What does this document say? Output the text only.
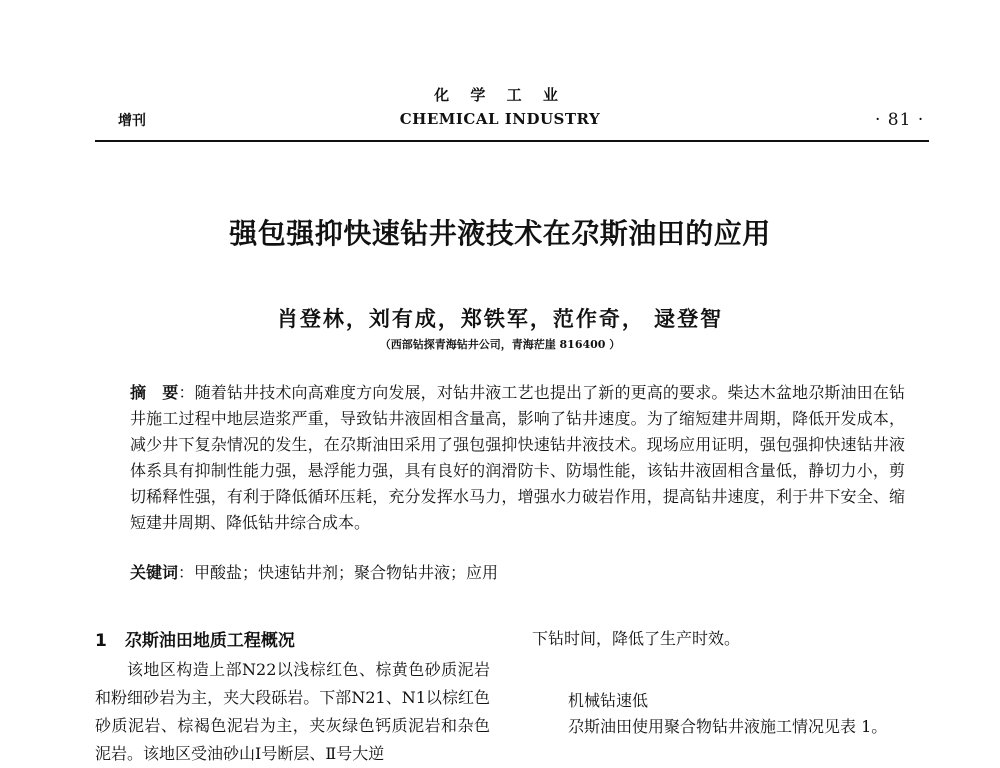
化 学 工 业
CHEMICAL INDUSTRY
增刊	· 81 ·
强包强抑快速钻井液技术在尕斯油田的应用
肖登林，刘有成，郑铁军，范作奇， 逯登智
（西部钻探青海钻井公司，青海茫崖 816400 ）
摘　要：随着钻井技术向高难度方向发展，对钻井液工艺也提出了新的更高的要求。柴达木盆地尕斯油田在钻井施工过程中地层造浆严重，导致钻井液固相含量高，影响了钻井速度。为了缩短建井周期，降低开发成本，减少井下复杂情况的发生，在尕斯油田采用了强包强抑快速钻井液技术。现场应用证明，强包强抑快速钻井液体系具有抑制性能力强，悬浮能力强，具有良好的润滑防卡、防塌性能，该钻井液固相含量低，静切力小，剪切稀释性强，有利于降低循环压耗，充分发挥水马力，增强水力破岩作用，提高钻井速度，利于井下安全、缩短建井周期、降低钻井综合成本。
关键词：甲酸盐；快速钻井剂；聚合物钻井液；应用
1 尕斯油田地质工程概况
该地区构造上部N22以浅棕红色、棕黄色砂质泥岩和粉细砂岩为主，夹大段砾岩。下部N21、N1以棕红色砂质泥岩、棕褐色泥岩为主，夹灰绿色钙质泥岩和杂色泥岩。该地区受油砂山Ⅰ号断层、Ⅱ号大逆
下钻时间，降低了生产时效。
机械钻速低
尕斯油田使用聚合物钻井液施工情况见表 1。
